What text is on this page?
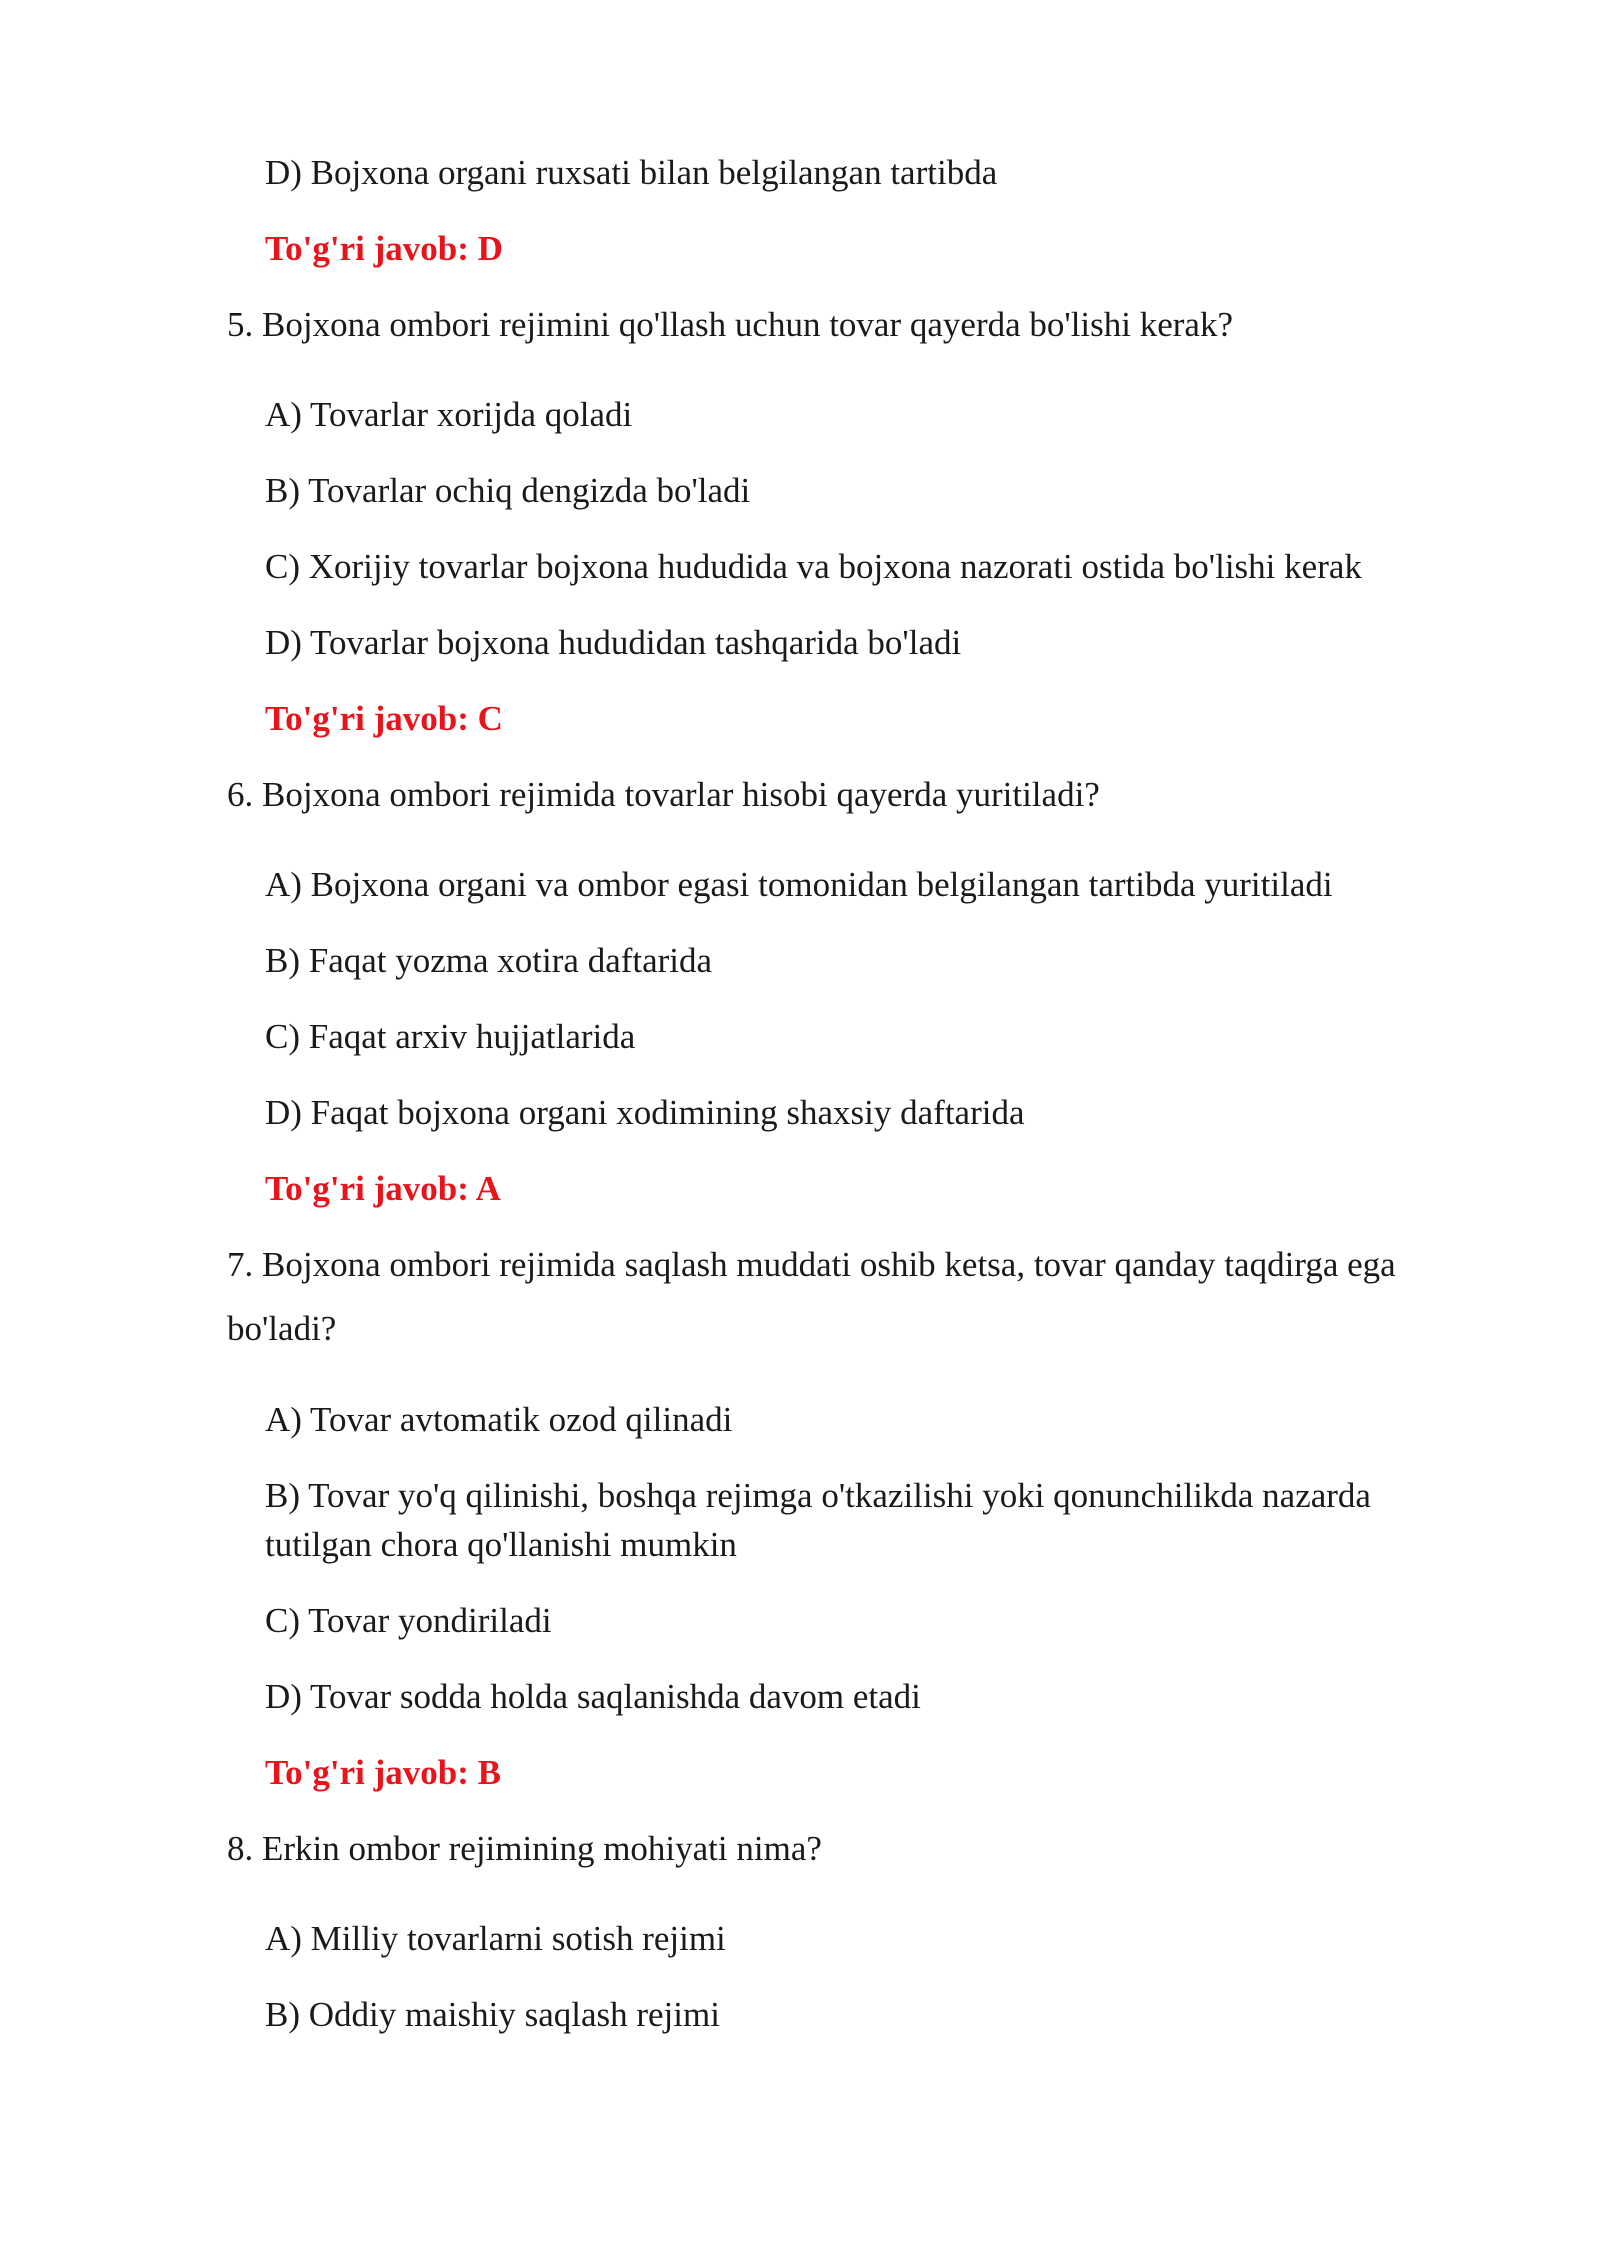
D) Bojxona organi ruxsati bilan belgilangan tartibda

To'g'ri javob: D

5. Bojxona ombori rejimini qo'llash uchun tovar qayerda bo'lishi kerak?

A) Tovarlar xorijda qoladi

B) Tovarlar ochiq dengizda bo'ladi

C) Xorijiy tovarlar bojxona hududida va bojxona nazorati ostida bo'lishi kerak

D) Tovarlar bojxona hududidan tashqarida bo'ladi

To'g'ri javob: C

6. Bojxona ombori rejimida tovarlar hisobi qayerda yuritiladi?

A) Bojxona organi va ombor egasi tomonidan belgilangan tartibda yuritiladi

B) Faqat yozma xotira daftarida

C) Faqat arxiv hujjatlarida

D) Faqat bojxona organi xodimining shaxsiy daftarida

To'g'ri javob: A

7. Bojxona ombori rejimida saqlash muddati oshib ketsa, tovar qanday taqdirga ega

bo'ladi?

A) Tovar avtomatik ozod qilinadi

B) Tovar yo'q qilinishi, boshqa rejimga o'tkazilishi yoki qonunchilikda nazarda

tutilgan chora qo'llanishi mumkin

C) Tovar yondiriladi

D) Tovar sodda holda saqlanishda davom etadi

To'g'ri javob: B

8. Erkin ombor rejimining mohiyati nima?

A) Milliy tovarlarni sotish rejimi

B) Oddiy maishiy saqlash rejimi
